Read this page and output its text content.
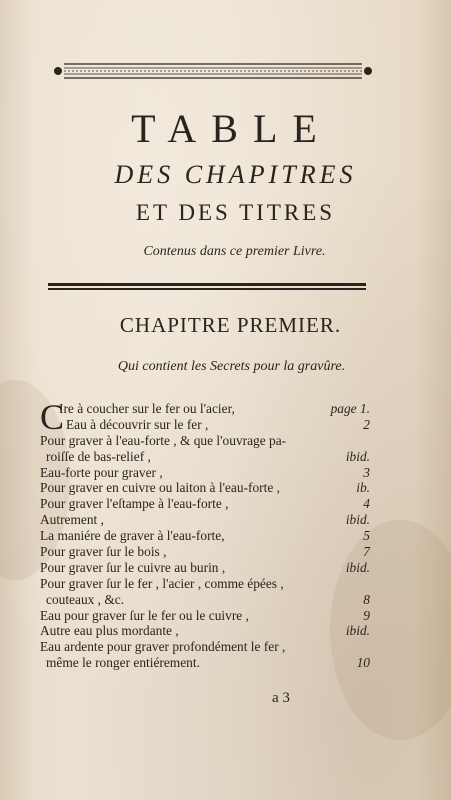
TABLE
DES CHAPITRES
ET DES TITRES
Contenus dans ce premier Livre.
CHAPITRE PREMIER.
Qui contient les Secrets pour la gravûre.
C
Ire à coucher sur le fer ou l'acier,	page 1.
Eau à découvrir sur le fer ,	2
Pour graver à l'eau-forte , & que l'ouvrage pa-
roiſſe de bas-relief ,	ibid.
Eau-forte pour graver ,	3
Pour graver en cuivre ou laiton à l'eau-forte ,	ib.
Pour graver l'eſtampe à l'eau-forte ,	4
Autrement ,	ibid.
La maniére de graver à l'eau-forte,	5
Pour graver ſur le bois ,	7
Pour graver ſur le cuivre au burin ,	ibid.
Pour graver ſur le fer , l'acier , comme épées ,
couteaux , &c.	8
Eau pour graver ſur le fer ou le cuivre ,	9
Autre eau plus mordante ,	ibid.
Eau ardente pour graver profondément le fer ,
même le ronger entiérement.	10
a 3
